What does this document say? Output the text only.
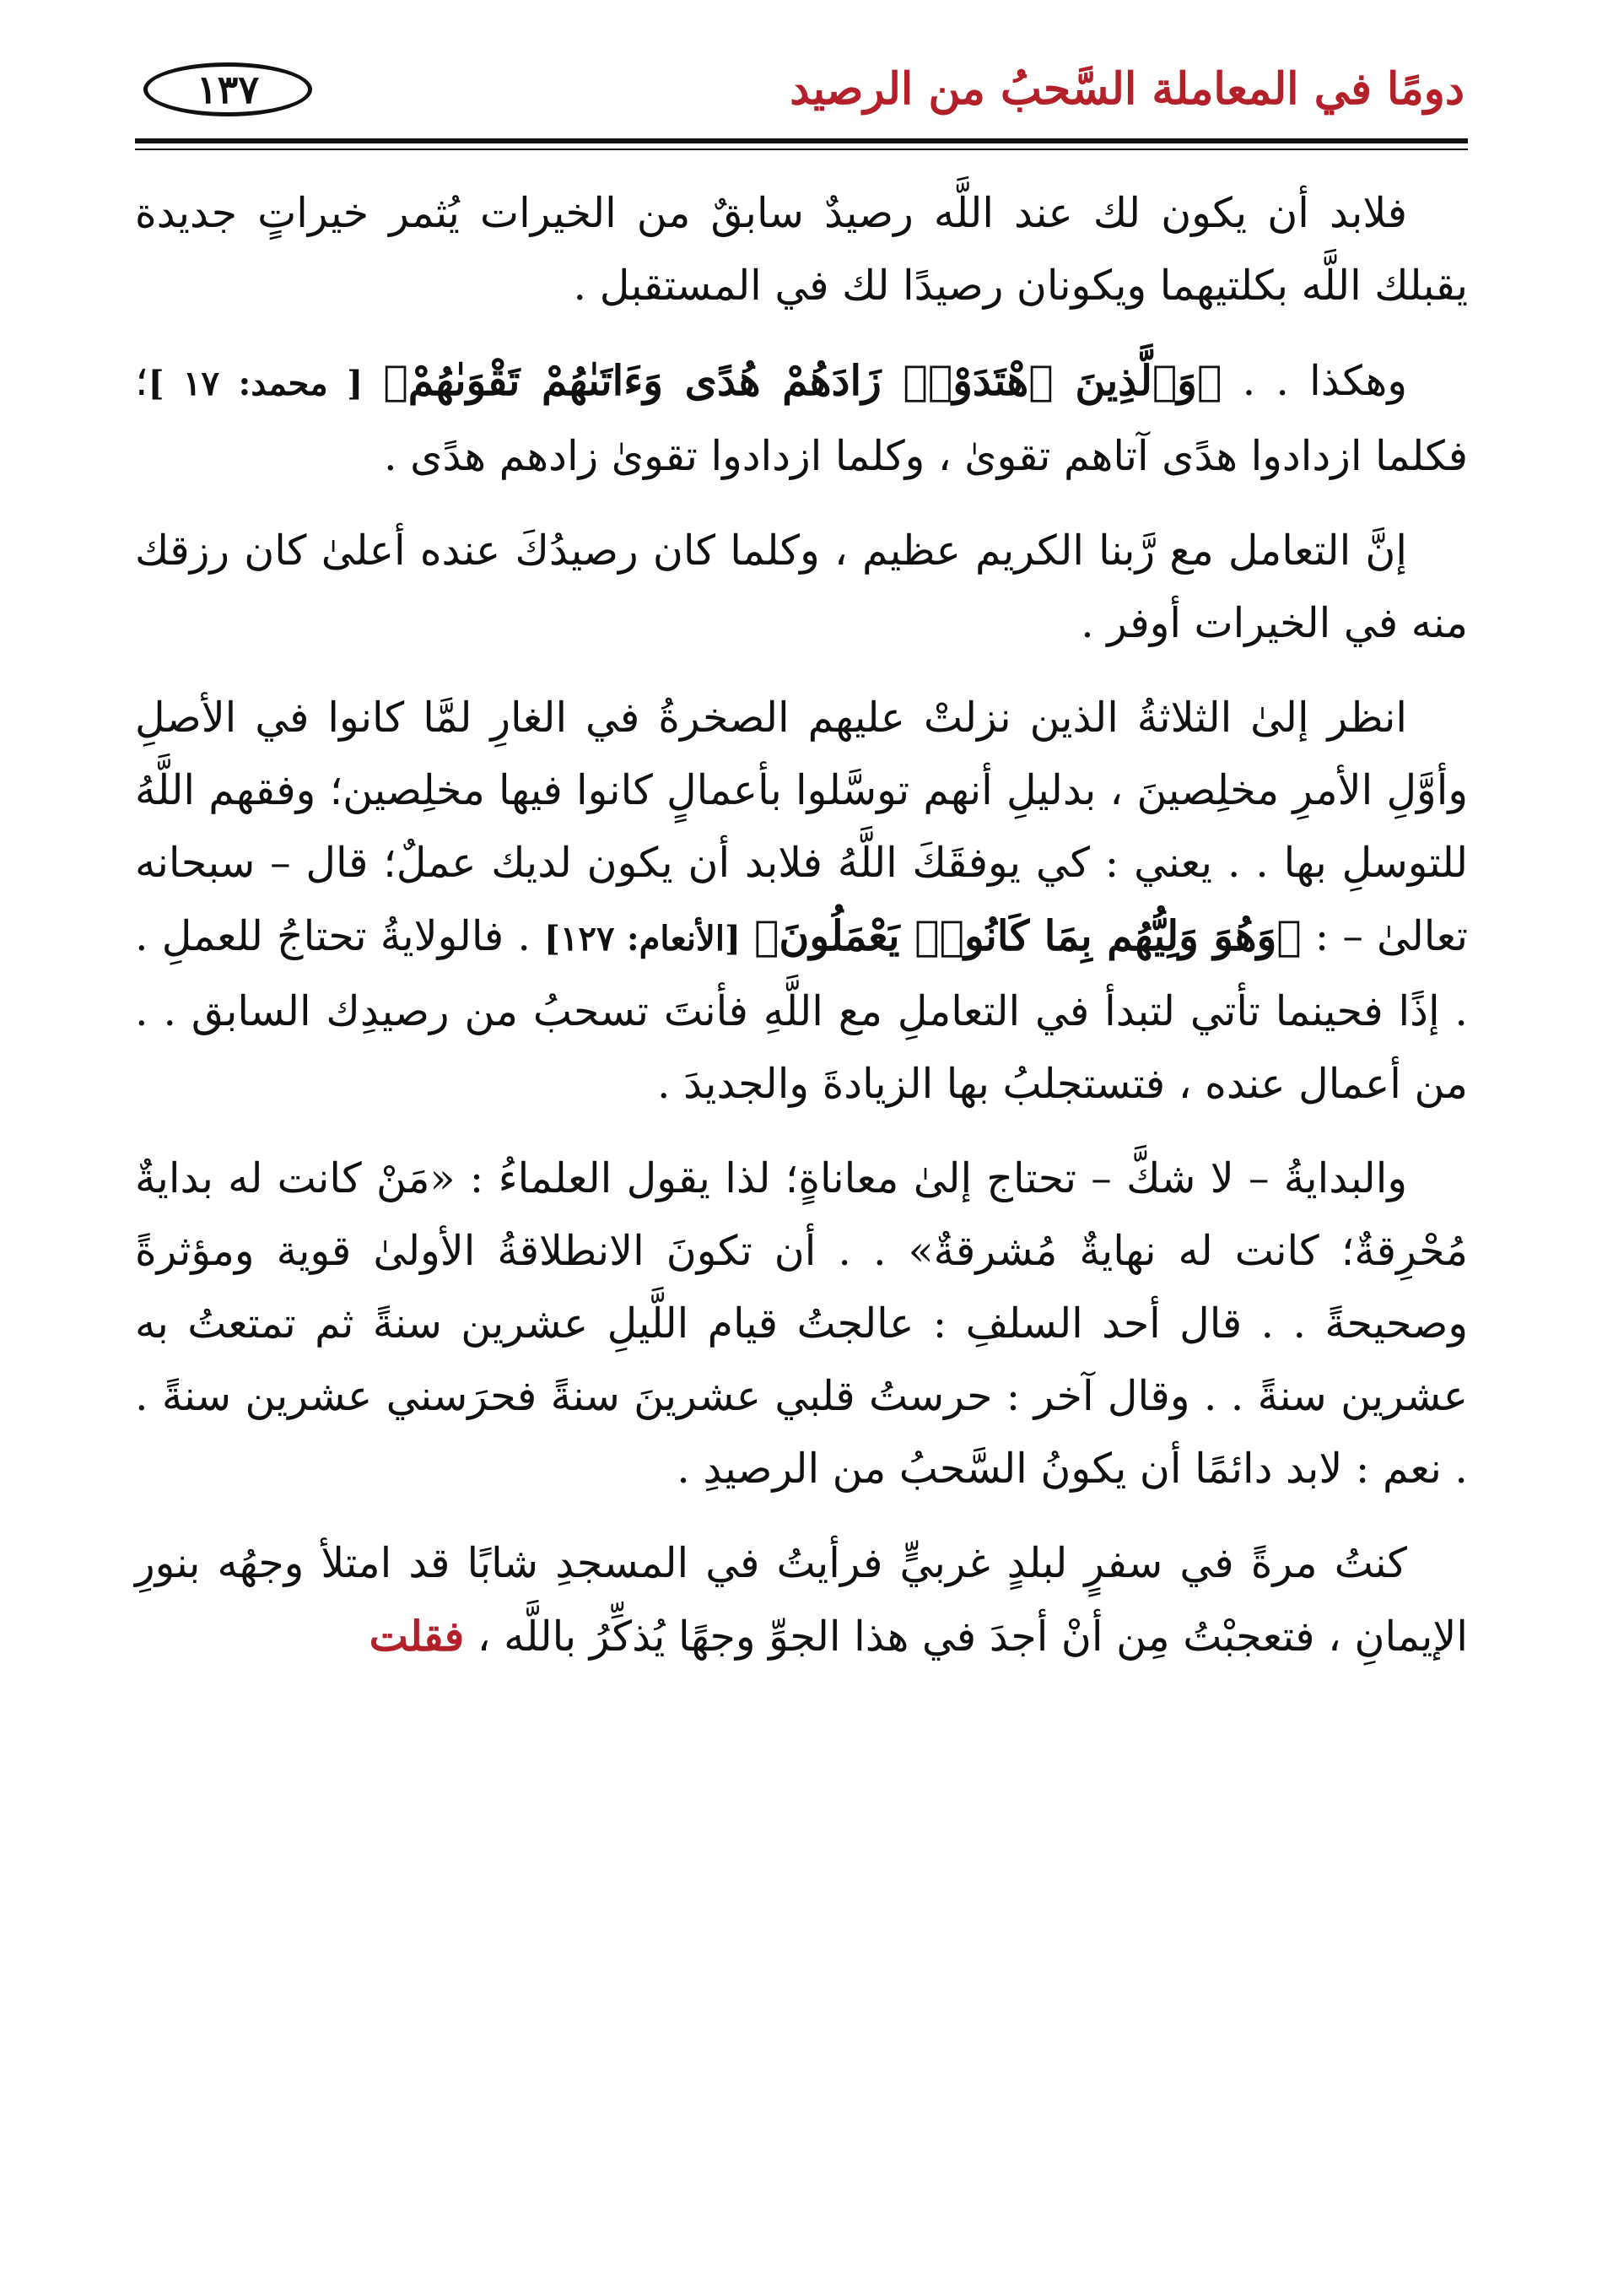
دومًا في المعاملة السَّحبُ من الرصيد
١٣٧

فلابد أن يكون لك عند اللَّه رصيدٌ سابقٌ من الخيرات يُثمر خيراتٍ جديدة يقبلك اللَّه بكلتيهما ويكونان رصيدًا لك في المستقبل .

وهكذا . . ﴿وَٱلَّذِينَ ٱهْتَدَوْا۟ زَادَهُمْ هُدًى وَءَاتَىٰهُمْ تَقْوَىٰهُمْ﴾ [ محمد: ١٧ ]؛ فكلما ازدادوا هدًى آتاهم تقوىٰ ، وكلما ازدادوا تقوىٰ زادهم هدًى .

إنَّ التعامل مع رَّبنا الكريم عظيم ، وكلما كان رصيدُكَ عنده أعلىٰ كان رزقك منه في الخيرات أوفر .

انظر إلىٰ الثلاثةُ الذين نزلتْ عليهم الصخرةُ في الغارِ لمَّا كانوا في الأصلِ وأوَّلِ الأمرِ مخلِصينَ ، بدليلِ أنهم توسَّلوا بأعمالٍ كانوا فيها مخلِصين؛ وفقهم اللَّهُ للتوسلِ بها . . يعني : كي يوفقَكَ اللَّهُ فلابد أن يكون لديك عملٌ؛ قال – سبحانه تعالىٰ – : ﴿وَهُوَ وَلِيُّهُم بِمَا كَانُوا۟ يَعْمَلُونَ﴾ [الأنعام: ١٢٧] . فالولايةُ تحتاجُ للعملِ . . إذًا فحينما تأتي لتبدأ في التعاملِ مع اللَّهِ فأنتَ تسحبُ من رصيدِك السابق . . من أعمال عنده ، فتستجلبُ بها الزيادةَ والجديدَ .

والبدايةُ – لا شكَّ – تحتاج إلىٰ معاناةٍ؛ لذا يقول العلماءُ : «مَنْ كانت له بدايةٌ مُحْرِقةٌ؛ كانت له نهايةٌ مُشرقةٌ» . . أن تكونَ الانطلاقةُ الأولىٰ قوية ومؤثرةً وصحيحةً . . قال أحد السلفِ : عالجتُ قيام اللَّيلِ عشرين سنةً ثم تمتعتُ به عشرين سنةً . . وقال آخر : حرستُ قلبي عشرينَ سنةً فحرَسني عشرين سنةً . . نعم : لابد دائمًا أن يكونُ السَّحبُ من الرصيدِ .

كنتُ مرةً في سفرٍ لبلدٍ غربيٍّ فرأيتُ في المسجدِ شابًا قد امتلأ وجهُه بنورِ الإيمانِ ، فتعجبْتُ مِن أنْ أجدَ في هذا الجوِّ وجهًا يُذكِّرُ باللَّه ، فقلت
